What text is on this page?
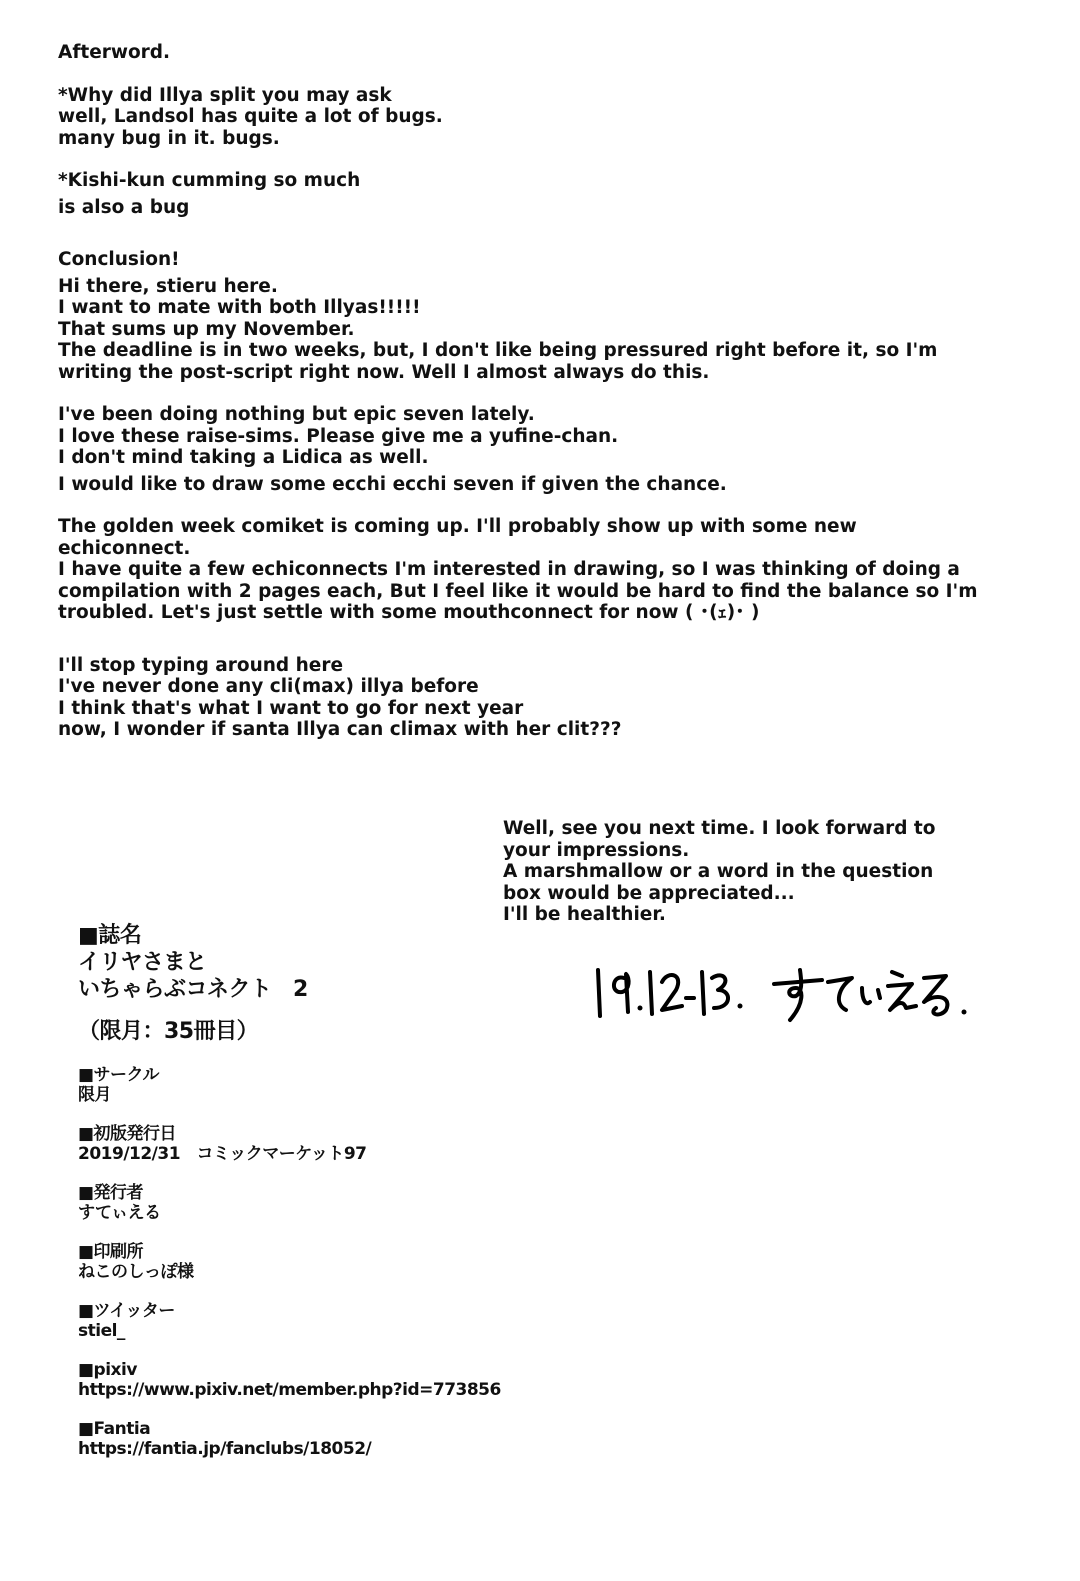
Afterword.
*Why did Illya split you may ask
well, Landsol has quite a lot of bugs.
many bug in it. bugs.
*Kishi-kun cumming so much
is also a bug
Conclusion!
Hi there, stieru here.
I want to mate with both Illyas!!!!!
That sums up my November.
The deadline is in two weeks, but, I don't like being pressured right before it, so I'm
writing the post-script right now. Well I almost always do this.
I've been doing nothing but epic seven lately.
I love these raise-sims. Please give me a yufine-chan.
I don't mind taking a Lidica as well.
I would like to draw some ecchi ecchi seven if given the chance.
The golden week comiket is coming up. I'll probably show up with some new
echiconnect.
I have quite a few echiconnects I'm interested in drawing, so I was thinking of doing a
compilation with 2 pages each, But I feel like it would be hard to find the balance so I'm
troubled. Let's just settle with some mouthconnect for now ( ･(ｪ)･ )
I'll stop typing around here
I've never done any cli(max) illya before
I think that's what I want to go for next year
now, I wonder if santa Illya can climax with her clit???
Well, see you next time. I look forward to
your impressions.
A marshmallow or a word in the question
box would be appreciated...
I'll be healthier.
■誌名
イリヤさまと
いちゃらぶコネクト　2
（限月：35冊目）
■サークル
限月
■初版発行日
2019/12/31　コミックマーケット97
■発行者
すてぃえる
■印刷所
ねこのしっぽ様
■ツイッター
stiel_
■pixiv
https://www.pixiv.net/member.php?id=773856
■Fantia
https://fantia.jp/fanclubs/18052/
